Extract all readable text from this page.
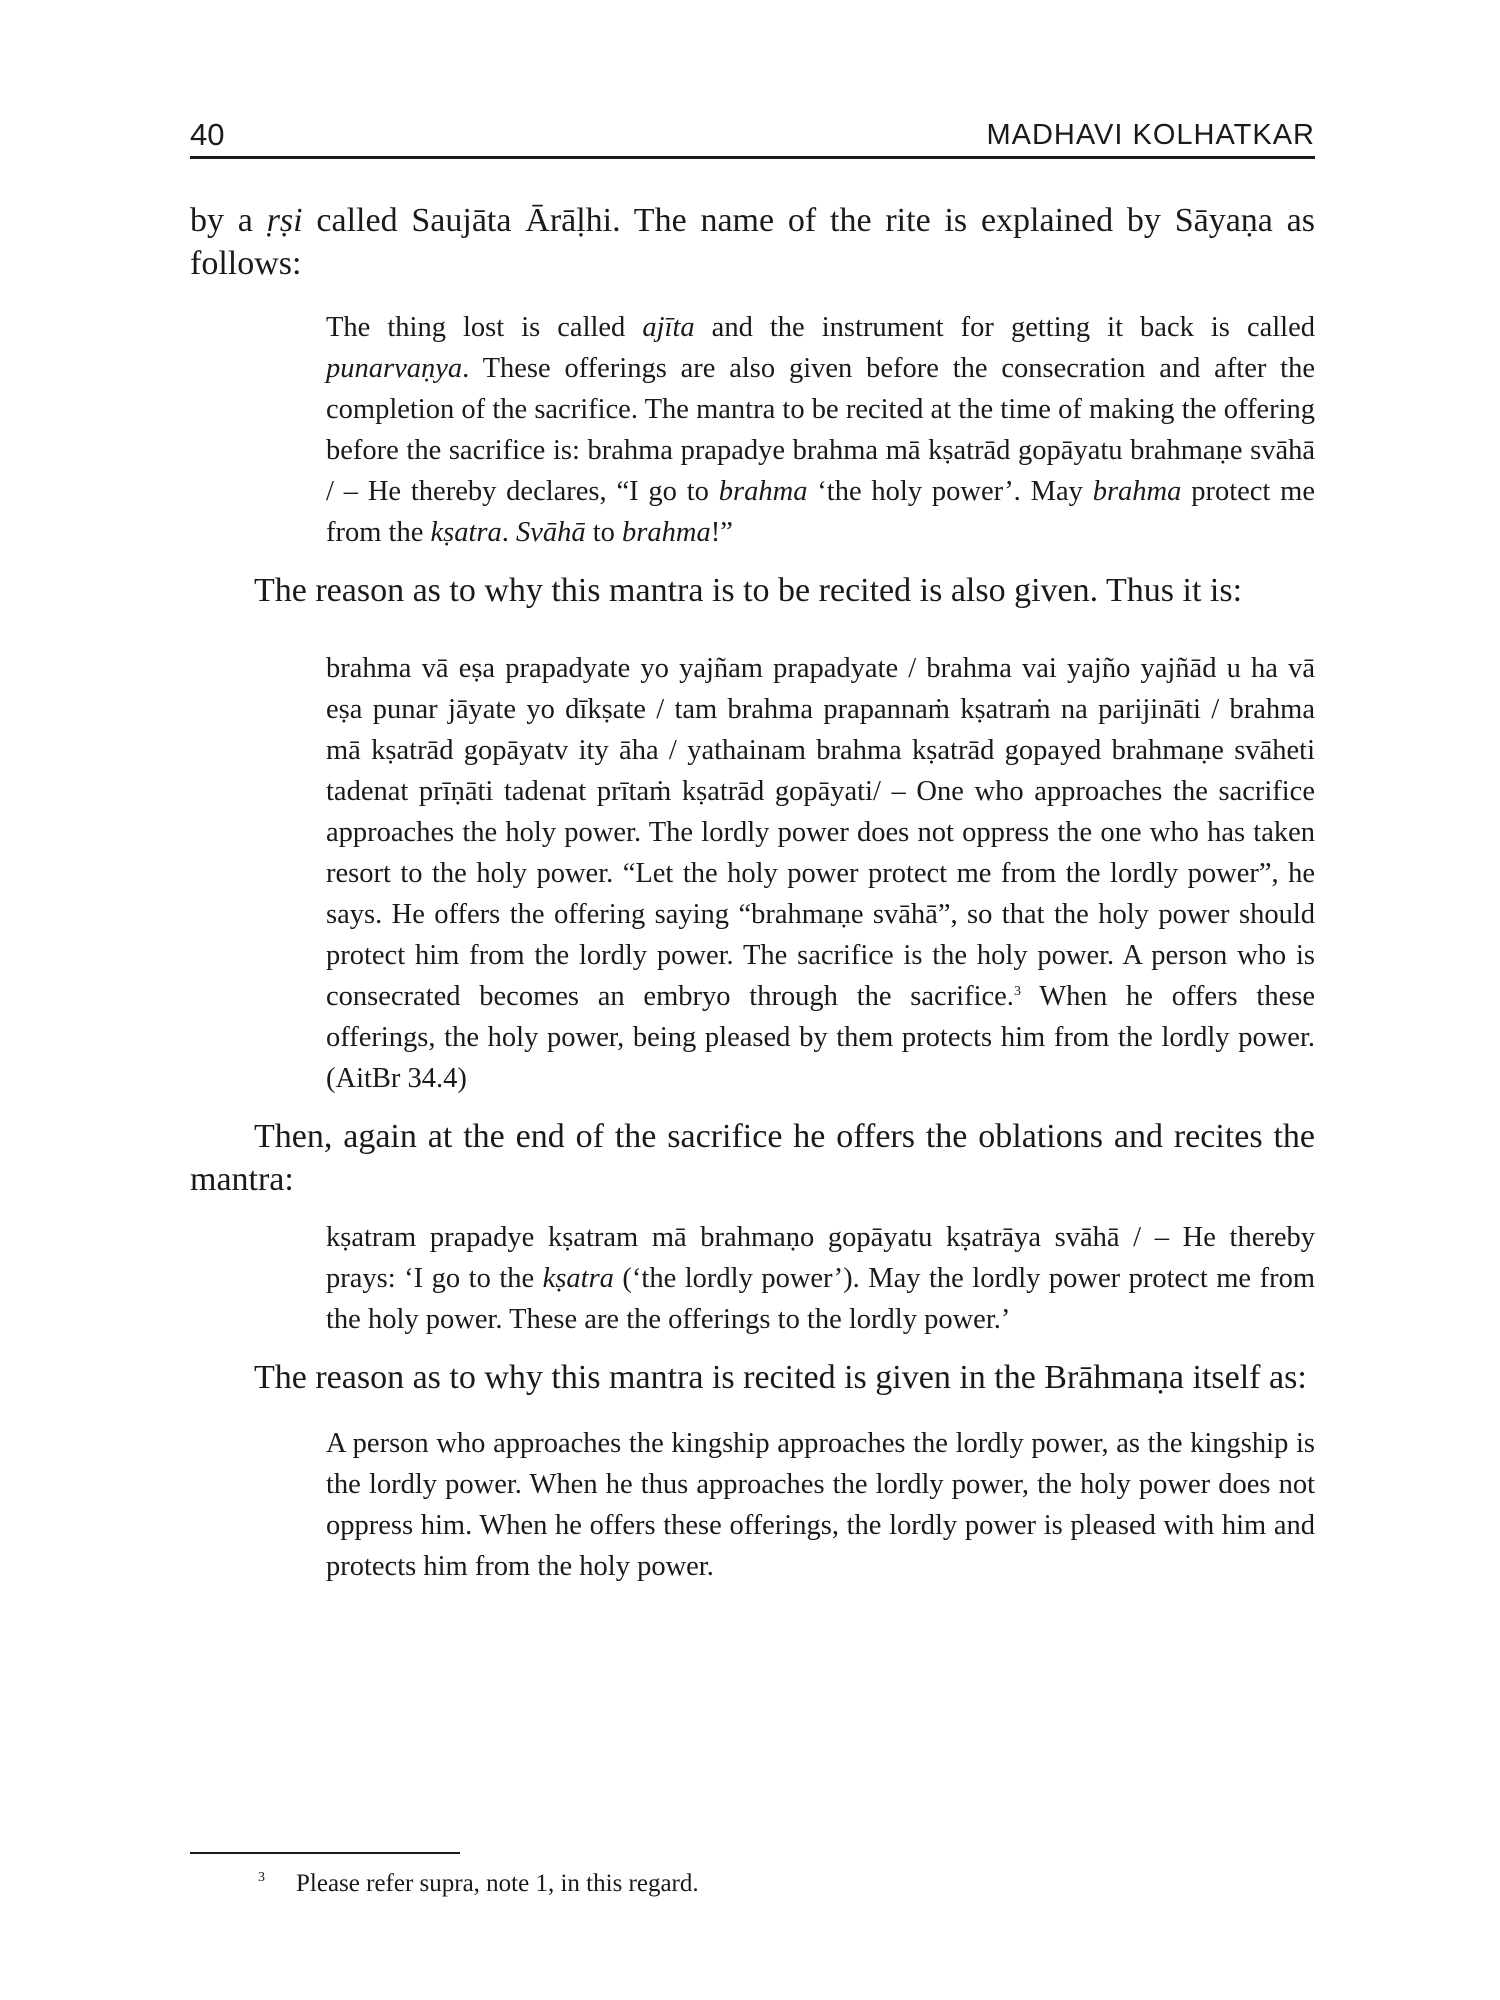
40	MADHAVI KOLHATKAR

by a ṛṣi called Saujāta Ārāḷhi. The name of the rite is explained by Sāyaṇa as follows:

The thing lost is called ajīta and the instrument for getting it back is called punarvaṇya. These offerings are also given before the consecration and after the completion of the sacrifice. The mantra to be recited at the time of making the offering before the sacrifice is: brahma prapadye brahma mā kṣatrād gopāyatu brahmaṇe svāhā / – He thereby declares, “I go to brahma ‘the holy power’. May brahma protect me from the kṣatra. Svāhā to brahma!”

The reason as to why this mantra is to be recited is also given. Thus it is:

brahma vā eṣa prapadyate yo yajñam prapadyate / brahma vai yajño yajñād u ha vā eṣa punar jāyate yo dīkṣate / tam brahma prapannaṁ kṣatraṁ na parijināti / brahma mā kṣatrād gopāyatv ity āha / yathainam brahma kṣatrād gopayed brahmaṇe svāheti tadenat prīṇāti tadenat prītaṁ kṣatrād gopāyati/ – One who approaches the sacrifice approaches the holy power. The lordly power does not oppress the one who has taken resort to the holy power. “Let the holy power protect me from the lordly power”, he says. He offers the offering saying “brahmaṇe svāhā”, so that the holy power should protect him from the lordly power. The sacrifice is the holy power. A person who is consecrated becomes an embryo through the sacrifice.$^3$ When he offers these offerings, the holy power, being pleased by them protects him from the lordly power. (AitBr 34.4)

Then, again at the end of the sacrifice he offers the oblations and recites the mantra:

kṣatram prapadye kṣatram mā brahmaṇo gopāyatu kṣatrāya svāhā / – He thereby prays: ‘I go to the kṣatra (‘the lordly power’). May the lordly power protect me from the holy power. These are the offerings to the lordly power.’

The reason as to why this mantra is recited is given in the Brāhmaṇa itself as:

A person who approaches the kingship approaches the lordly power, as the kingship is the lordly power. When he thus approaches the lordly power, the holy power does not oppress him. When he offers these offerings, the lordly power is pleased with him and protects him from the holy power.
$^3$ Please refer supra, note 1, in this regard.
